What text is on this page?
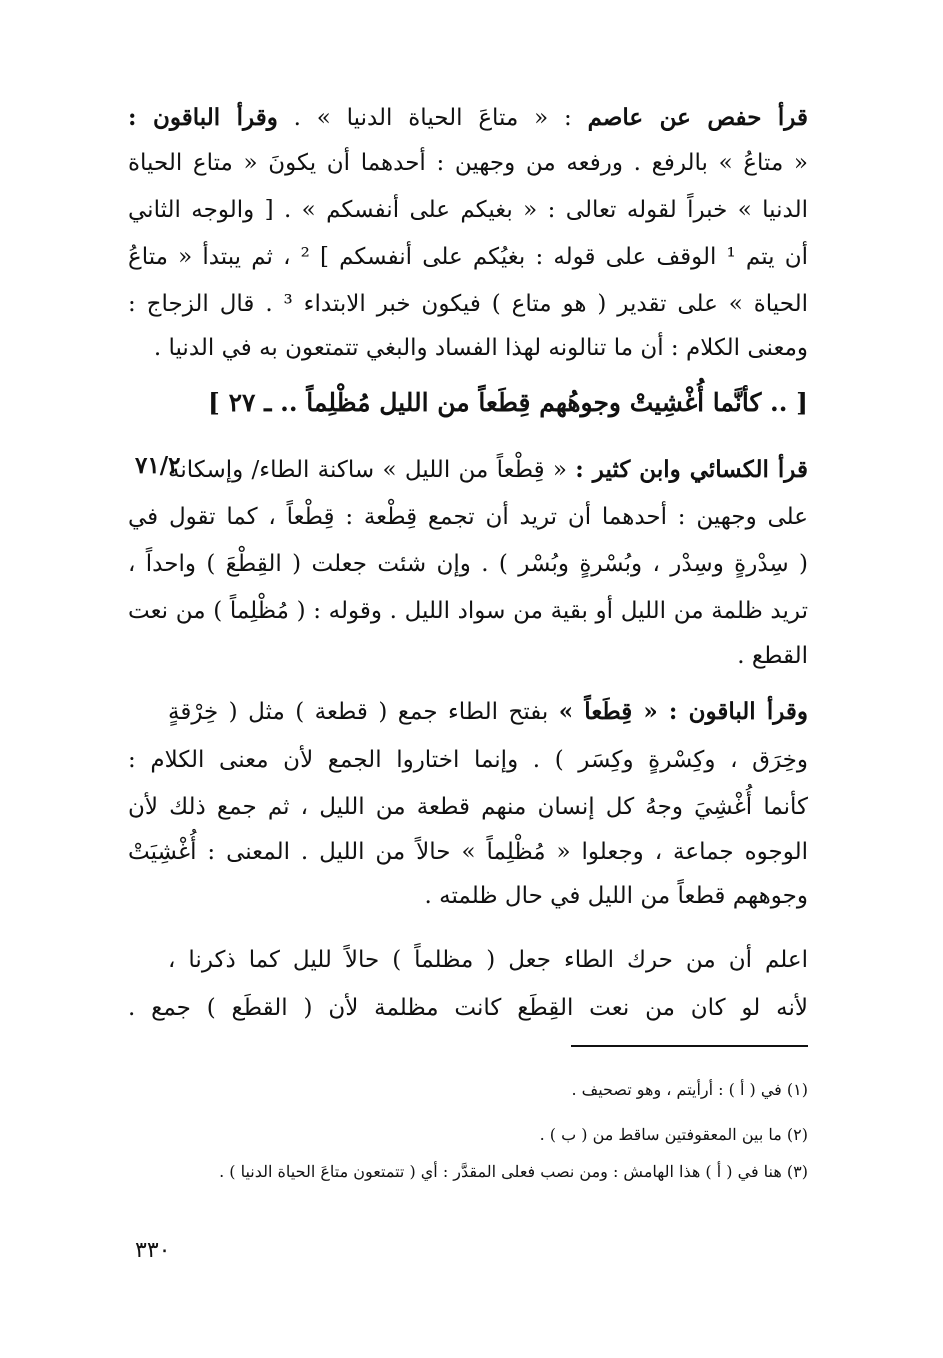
قرأ حفص عن عاصم : « متاعَ الحياة الدنيا » . وقرأ الباقون :
« متاعُ » بالرفع . ورفعه من وجهين : أحدهما أن يكونَ « متاع الحياة
الدنيا » خبراً لقوله تعالى : « بغيكم على أنفسكم » . [ والوجه الثاني
أن يتم ¹ الوقف على قوله : بغيُكم على أنفسكم ] ² ، ثم يبتدأ « متاعُ
الحياة » على تقدير ( هو متاع ) فيكون خبر الابتداء ³ . قال الزجاج :
ومعنى الكلام : أن ما تنالونه لهذا الفساد والبغي تتمتعون به في الدنيا .
[ .. كأنَّما أُغْشِيتْ وجوهُهم قِطَعاً من الليل مُظْلِماً .. ـ ٢٧ ]
٧١/٢	قرأ الكسائي وابن كثير : « قِطْعاً من الليل » ساكنة الطاء/ وإسكانه
على وجهين : أحدهما أن تريد أن تجمع قِطْعة : قِطْعاً ، كما تقول في
( سِدْرةٍ وسِدْر ، وبُسْرةٍ وبُسْر ) . وإن شئت جعلت ( القِطْعَ ) واحداً ،
تريد ظلمة من الليل أو بقية من سواد الليل . وقوله : ( مُظْلِماً ) من نعت
القطع .
وقرأ الباقون : « قِطَعاً » بفتح الطاء جمع ( قطعة ) مثل ( خِرْقةٍ
وخِرَق ، وكِسْرةٍ وكِسَر ) . وإنما اختاروا الجمع لأن معنى الكلام :
كأنما أُغْشِيَ وجهُ كل إنسان منهم قطعة من الليل ، ثم جمع ذلك لأن
الوجوه جماعة ، وجعلوا « مُظْلِماً » حالاً من الليل . المعنى : أُغْشِيَتْ
وجوههم قطعاً من الليل في حال ظلمته .
اعلم أن من حرك الطاء جعل ( مظلماً ) حالاً لليل كما ذكرنا ،
لأنه لو كان من نعت القِطَع كانت مظلمة لأن ( القطَع ) جمع .
(١) في ( أ ) : أرأيتم ، وهو تصحيف .
(٢) ما بين المعقوفتين ساقط من ( ب ) .
(٣) هنا في ( أ ) هذا الهامش : ومن نصب فعلى المقدَّر : أي ( تتمتعون متاعَ الحياة الدنيا ) .
٣٣٠
